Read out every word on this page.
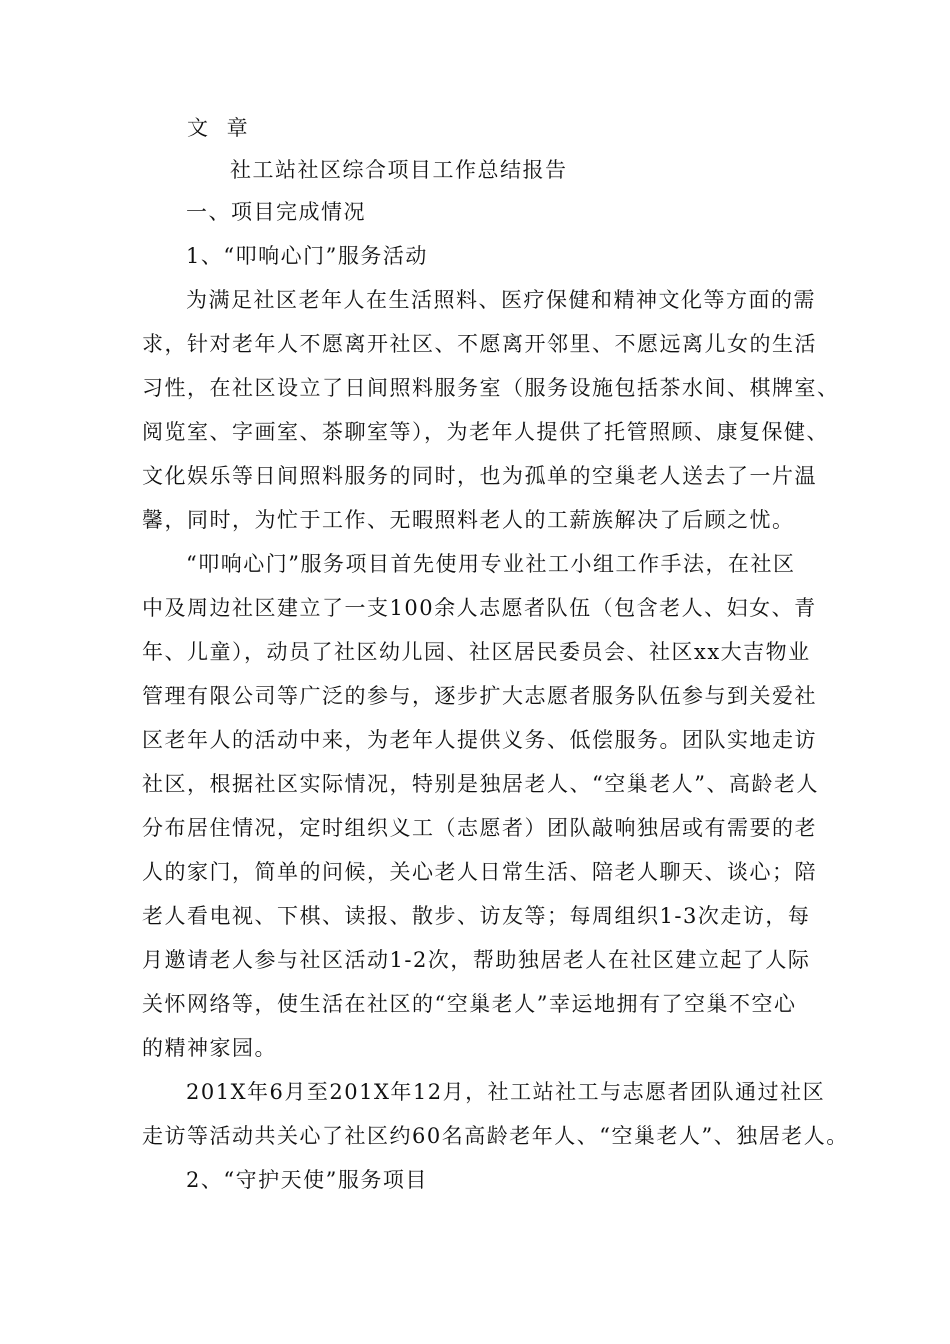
文 章
社工站社区综合项目工作总结报告
一、项目完成情况
1、“叩响心门”服务活动
为满足社区老年人在生活照料、医疗保健和精神文化等方面的需
求，针对老年人不愿离开社区、不愿离开邻里、不愿远离儿女的生活
习性，在社区设立了日间照料服务室（服务设施包括茶水间、棋牌室、
阅览室、字画室、茶聊室等），为老年人提供了托管照顾、康复保健、
文化娱乐等日间照料服务的同时，也为孤单的空巢老人送去了一片温
馨，同时，为忙于工作、无暇照料老人的工薪族解决了后顾之忧。
“叩响心门”服务项目首先使用专业社工小组工作手法，在社区
中及周边社区建立了一支100余人志愿者队伍（包含老人、妇女、青
年、儿童），动员了社区幼儿园、社区居民委员会、社区xx大吉物业
管理有限公司等广泛的参与，逐步扩大志愿者服务队伍参与到关爱社
区老年人的活动中来，为老年人提供义务、低偿服务。团队实地走访
社区，根据社区实际情况，特别是独居老人、“空巢老人”、高龄老人
分布居住情况，定时组织义工（志愿者）团队敲响独居或有需要的老
人的家门，简单的问候，关心老人日常生活、陪老人聊天、谈心；陪
老人看电视、下棋、读报、散步、访友等；每周组织1-3次走访，每
月邀请老人参与社区活动1-2次，帮助独居老人在社区建立起了人际
关怀网络等，使生活在社区的“空巢老人”幸运地拥有了空巢不空心
的精神家园。
201X年6月至201X年12月，社工站社工与志愿者团队通过社区
走访等活动共关心了社区约60名高龄老年人、“空巢老人”、独居老人。
2、“守护天使”服务项目
